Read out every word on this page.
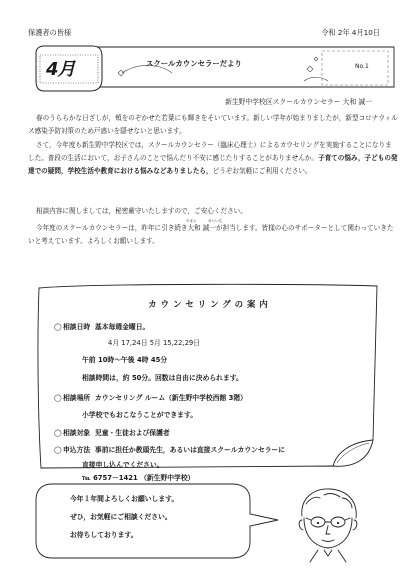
保護者の皆様	令和 2年 4月10日
4月	スクールカウンセラーだより	No.1
新生野中学校区スクールカウンセラー 大和 誠一
春のうららかな日ざしが，頬をのぞかせた若葉にも輝きをそいています。新しい学年が始まりましたが，新型コロナウィルス感染予防対策のため戸惑いを隠せないと思います。
さて，今年度も新生野中学校区では，スクールカウンセラー（臨床心理士）によるカウセリングを実施することになりました。普段の生活において，お子さんのことで悩んだり不安に感じたりすることがありませんか。子育ての悩み，子どもの発達での疑問，学校生活や教育における悩みなどありましたら，どうぞお気軽にご利用ください。
相談内容に関しましては，秘密厳守いたしますので，ご安心ください。
やまと	せいいち
今年度のスクールカウンセラーは，昨年に引き続き大和 誠一が担当します。皆様の心のサポーターとして関わっていきたいと考えています。よろしくお願いします。
カウンセリングの案内
◯相談日時 基本毎週金曜日。
4月 17,24日 5月 15,22,29日
午前 10時～午後 4時 45分
相談時間は，約 50分。回数は自由に決められます。
◯相談場所 カウンセリング ルーム（新生野中学校西館 3階）
小学校でもおこなうことができます。
◯相談対象 児童・生徒および保護者
◯申込方法 事前に担任か教頭先生，あるいは直接スクールカウンセラーに
直接申し込んでください。
℡ 6757－1421 （新生野中学校）
今年１年間よろしくお願いします。
ぜひ，お気軽にご相談ください。
お待ちしております。
